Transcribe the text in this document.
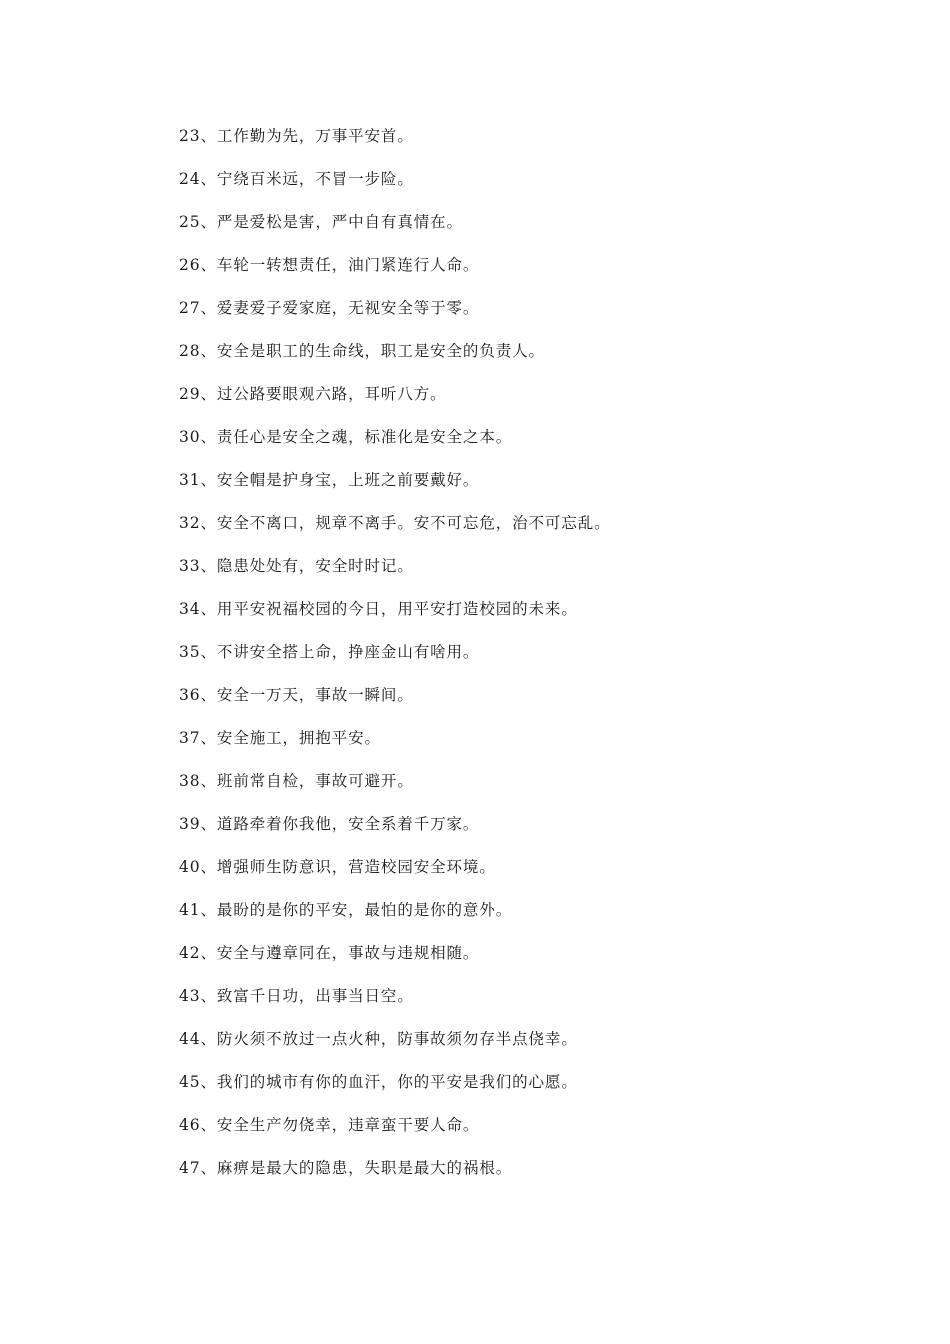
23、工作勤为先，万事平安首。
24、宁绕百米远，不冒一步险。
25、严是爱松是害，严中自有真情在。
26、车轮一转想责任，油门紧连行人命。
27、爱妻爱子爱家庭，无视安全等于零。
28、安全是职工的生命线，职工是安全的负责人。
29、过公路要眼观六路，耳听八方。
30、责任心是安全之魂，标准化是安全之本。
31、安全帽是护身宝，上班之前要戴好。
32、安全不离口，规章不离手。安不可忘危，治不可忘乱。
33、隐患处处有，安全时时记。
34、用平安祝福校园的今日，用平安打造校园的未来。
35、不讲安全搭上命，挣座金山有啥用。
36、安全一万天，事故一瞬间。
37、安全施工，拥抱平安。
38、班前常自检，事故可避开。
39、道路牵着你我他，安全系着千万家。
40、增强师生防意识，营造校园安全环境。
41、最盼的是你的平安，最怕的是你的意外。
42、安全与遵章同在，事故与违规相随。
43、致富千日功，出事当日空。
44、防火须不放过一点火种，防事故须勿存半点侥幸。
45、我们的城市有你的血汗，你的平安是我们的心愿。
46、安全生产勿侥幸，违章蛮干要人命。
47、麻痹是最大的隐患，失职是最大的祸根。
